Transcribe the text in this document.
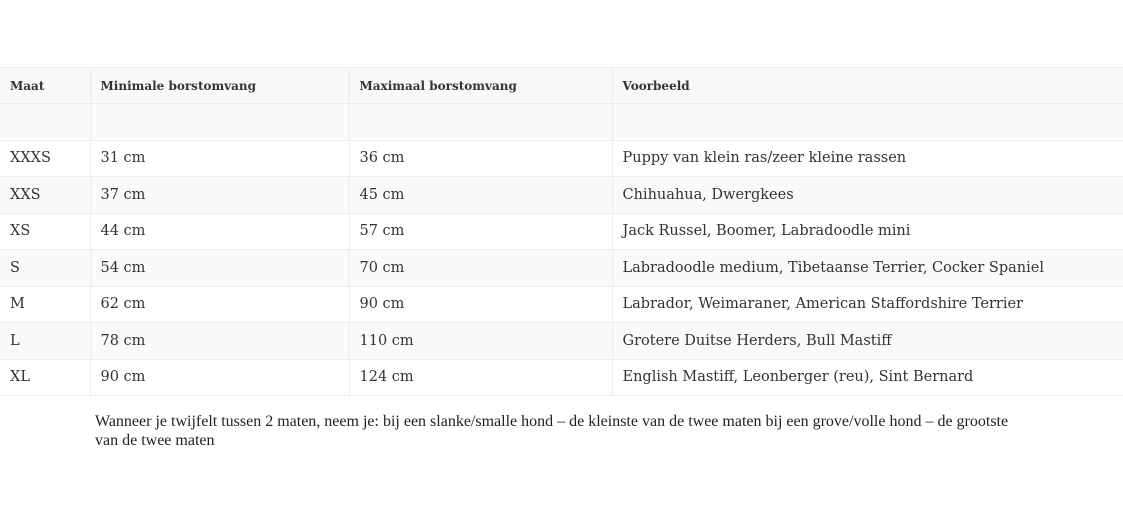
Maat	Minimale borstomvang	Maximaal borstomvang	Voorbeeld

XXXS	31 cm	36 cm	Puppy van klein ras/zeer kleine rassen
XXS	37 cm	45 cm	Chihuahua, Dwergkees
XS	44 cm	57 cm	Jack Russel, Boomer, Labradoodle mini
S	54 cm	70 cm	Labradoodle medium, Tibetaanse Terrier, Cocker Spaniel
M	62 cm	90 cm	Labrador, Weimaraner, American Staffordshire Terrier
L	78 cm	110 cm	Grotere Duitse Herders, Bull Mastiff
XL	90 cm	124 cm	English Mastiff, Leonberger (reu), Sint Bernard

Wanneer je twijfelt tussen 2 maten, neem je: bij een slanke/smalle hond – de kleinste van de twee maten bij een grove/volle hond – de grootste van de twee maten
